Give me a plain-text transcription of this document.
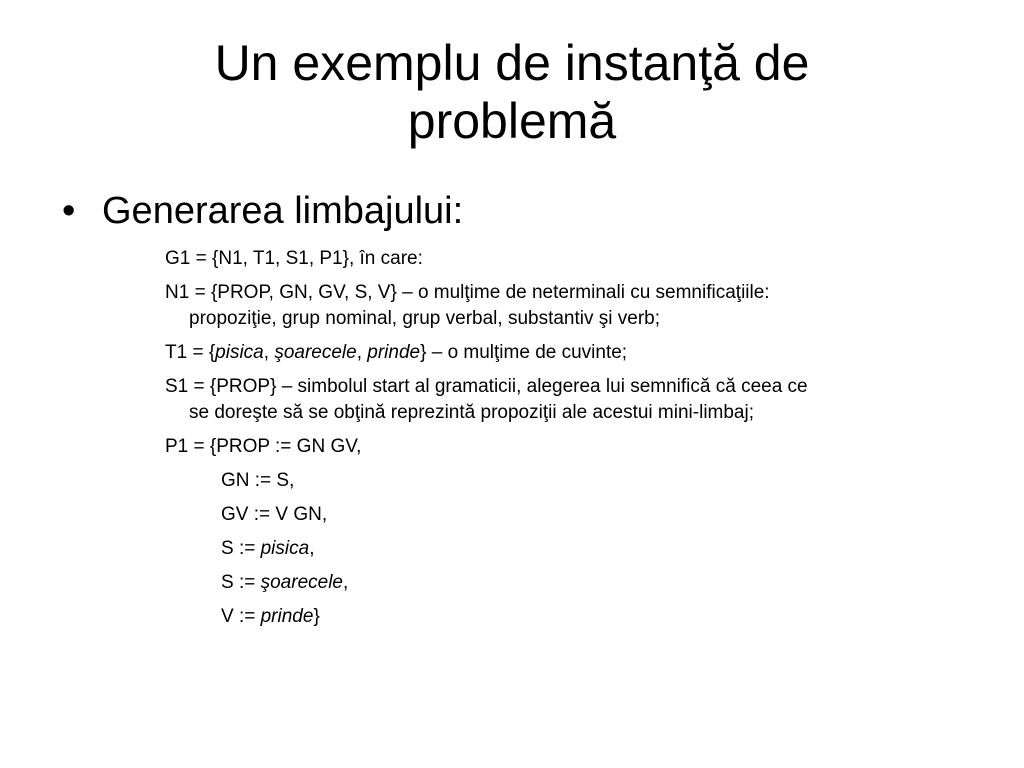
Un exemplu de instanţă de
problemă
• Generarea limbajului:

G1 = {N1, T1, S1, P1}, în care:

N1 = {PROP, GN, GV, S, V} – o mulţime de neterminali cu semnificaţiile:

propoziţie, grup nominal, grup verbal, substantiv şi verb;

T1 = {pisica, şoarecele, prinde} – o mulţime de cuvinte;

S1 = {PROP} – simbolul start al gramaticii, alegerea lui semnifică că ceea ce

se doreşte să se obţină reprezintă propoziţii ale acestui mini-limbaj;

P1 = {PROP := GN GV,

GN := S,

GV := V GN,

S := pisica,

S := şoarecele,

V := prinde}
